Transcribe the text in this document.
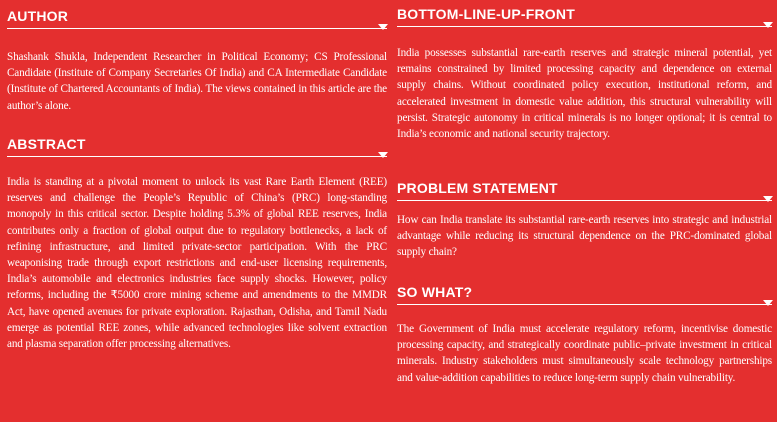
AUTHOR

Shashank Shukla, Independent Researcher in Political Economy; CS Professional Candidate (Institute of Company Secretaries Of India) and CA Intermediate Candidate (Institute of Chartered Accountants of India). The views contained in this article are the author’s alone.

ABSTRACT

India is standing at a pivotal moment to unlock its vast Rare Earth Element (REE) reserves and challenge the People’s Republic of China’s (PRC) long-standing monopoly in this critical sector. Despite holding 5.3% of global REE reserves, India contributes only a fraction of global output due to regulatory bottlenecks, a lack of refining infrastructure, and limited private-sector participation. With the PRC weaponising trade through export restrictions and end-user licensing requirements, India’s automobile and electronics industries face supply shocks. However, policy reforms, including the ₹5000 crore mining scheme and amendments to the MMDR Act, have opened avenues for private exploration. Rajasthan, Odisha, and Tamil Nadu emerge as potential REE zones, while advanced technologies like solvent extraction and plasma separation offer processing alternatives.

BOTTOM-LINE-UP-FRONT

India possesses substantial rare-earth reserves and strategic mineral potential, yet remains constrained by limited processing capacity and dependence on external supply chains. Without coordinated policy execution, institutional reform, and accelerated investment in domestic value addition, this structural vulnerability will persist. Strategic autonomy in critical minerals is no longer optional; it is central to India’s economic and national security trajectory.

PROBLEM STATEMENT

How can India translate its substantial rare-earth reserves into strategic and industrial advantage while reducing its structural dependence on the PRC-dominated global supply chain?

SO WHAT?

The Government of India must accelerate regulatory reform, incentivise domestic processing capacity, and strategically coordinate public–private investment in critical minerals. Industry stakeholders must simultaneously scale technology partnerships and value-addition capabilities to reduce long-term supply chain vulnerability.
